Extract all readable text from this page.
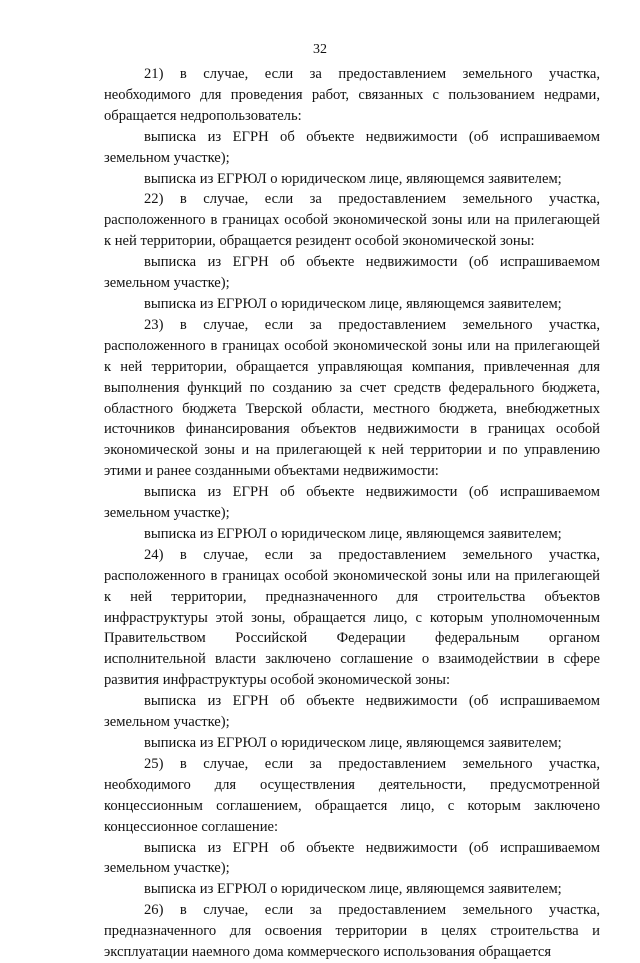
32

21) в случае, если за предоставлением земельного участка, необходимого для проведения работ, связанных с пользованием недрами, обращается недропользователь:

выписка из ЕГРН об объекте недвижимости (об испрашиваемом земельном участке);

выписка из ЕГРЮЛ о юридическом лице, являющемся заявителем;

22) в случае, если за предоставлением земельного участка, расположенного в границах особой экономической зоны или на прилегающей к ней территории, обращается резидент особой экономической зоны:

выписка из ЕГРН об объекте недвижимости (об испрашиваемом земельном участке);

выписка из ЕГРЮЛ о юридическом лице, являющемся заявителем;

23) в случае, если за предоставлением земельного участка, расположенного в границах особой экономической зоны или на прилегающей к ней территории, обращается управляющая компания, привлеченная для выполнения функций по созданию за счет средств федерального бюджета, областного бюджета Тверской области, местного бюджета, внебюджетных источников финансирования объектов недвижимости в границах особой экономической зоны и на прилегающей к ней территории и по управлению этими и ранее созданными объектами недвижимости:

выписка из ЕГРН об объекте недвижимости (об испрашиваемом земельном участке);

выписка из ЕГРЮЛ о юридическом лице, являющемся заявителем;

24) в случае, если за предоставлением земельного участка, расположенного в границах особой экономической зоны или на прилегающей к ней территории, предназначенного для строительства объектов инфраструктуры этой зоны, обращается лицо, с которым уполномоченным Правительством Российской Федерации федеральным органом исполнительной власти заключено соглашение о взаимодействии в сфере развития инфраструктуры особой экономической зоны:

выписка из ЕГРН об объекте недвижимости (об испрашиваемом земельном участке);

выписка из ЕГРЮЛ о юридическом лице, являющемся заявителем;

25) в случае, если за предоставлением земельного участка, необходимого для осуществления деятельности, предусмотренной концессионным соглашением, обращается лицо, с которым заключено концессионное соглашение:

выписка из ЕГРН об объекте недвижимости (об испрашиваемом земельном участке);

выписка из ЕГРЮЛ о юридическом лице, являющемся заявителем;

26) в случае, если за предоставлением земельного участка, предназначенного для освоения территории в целях строительства и эксплуатации наемного дома коммерческого использования обращается
